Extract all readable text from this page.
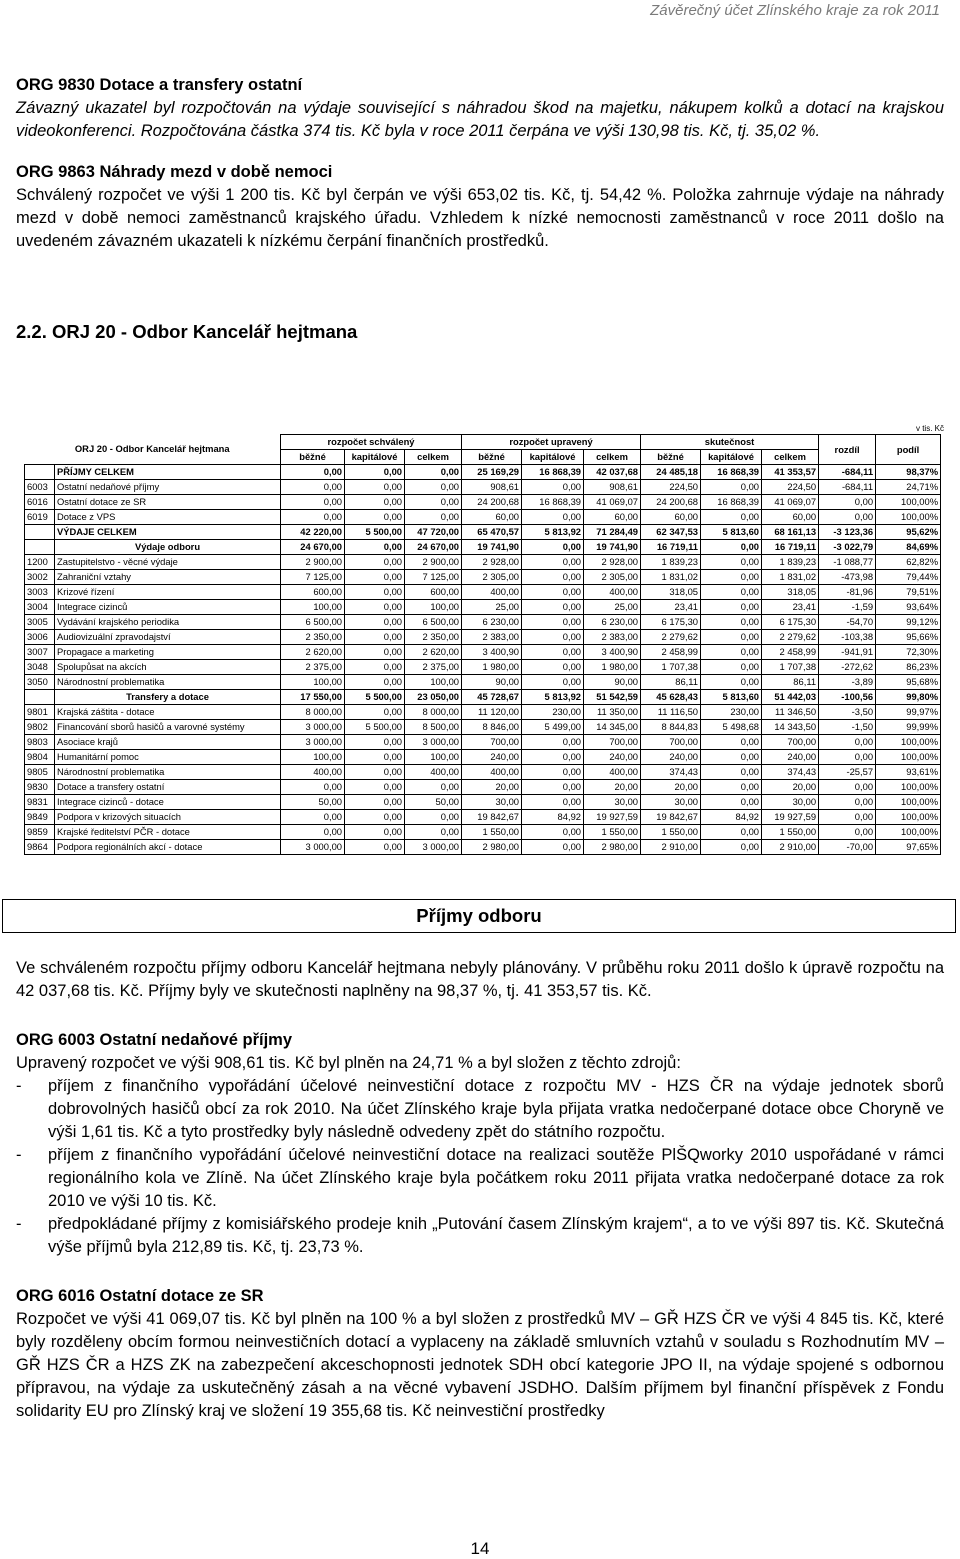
Závěrečný účet Zlínského kraje za rok 2011

ORG 9830 Dotace a transfery ostatní

Závazný ukazatel byl rozpočtován na výdaje související s náhradou škod na majetku, nákupem kolků a dotací na krajskou videokonferenci. Rozpočtována částka 374 tis. Kč byla v roce 2011 čerpána ve výši 130,98 tis. Kč, tj. 35,02 %.

ORG 9863 Náhrady mezd v době nemoci

Schválený rozpočet ve výši 1 200 tis. Kč byl čerpán ve výši 653,02 tis. Kč, tj. 54,42 %. Položka zahrnuje výdaje na náhrady mezd v době nemoci zaměstnanců krajského úřadu. Vzhledem k nízké nemocnosti zaměstnanců v roce 2011 došlo na uvedeném závazném ukazateli k nízkému čerpání finančních prostředků.

2.2. ORJ 20 - Odbor Kancelář hejtmana

v tis. Kč
ORJ 20 - Odbor Kancelář hejtmana		rozpočet schválený			rozpočet upravený			skutečnost			rozdíl	podíl
		běžné	kapitálové	celkem	běžné	kapitálové	celkem	běžné	kapitálové	celkem		
	PŘÍJMY CELKEM	0,00	0,00	0,00	25 169,29	16 868,39	42 037,68	24 485,18	16 868,39	41 353,57	-684,11	98,37%
6003	Ostatní nedaňové příjmy	0,00	0,00	0,00	908,61	0,00	908,61	224,50	0,00	224,50	-684,11	24,71%
6016	Ostatní dotace ze SR	0,00	0,00	0,00	24 200,68	16 868,39	41 069,07	24 200,68	16 868,39	41 069,07	0,00	100,00%
6019	Dotace z VPS	0,00	0,00	0,00	60,00	0,00	60,00	60,00	0,00	60,00	0,00	100,00%
	VÝDAJE CELKEM	42 220,00	5 500,00	47 720,00	65 470,57	5 813,92	71 284,49	62 347,53	5 813,60	68 161,13	-3 123,36	95,62%
	Výdaje odboru	24 670,00	0,00	24 670,00	19 741,90	0,00	19 741,90	16 719,11	0,00	16 719,11	-3 022,79	84,69%
1200	Zastupitelstvo - věcné výdaje	2 900,00	0,00	2 900,00	2 928,00	0,00	2 928,00	1 839,23	0,00	1 839,23	-1 088,77	62,82%
3002	Zahraniční vztahy	7 125,00	0,00	7 125,00	2 305,00	0,00	2 305,00	1 831,02	0,00	1 831,02	-473,98	79,44%
3003	Krizové řízení	600,00	0,00	600,00	400,00	0,00	400,00	318,05	0,00	318,05	-81,96	79,51%
3004	Integrace cizinců	100,00	0,00	100,00	25,00	0,00	25,00	23,41	0,00	23,41	-1,59	93,64%
3005	Vydávání krajského periodika	6 500,00	0,00	6 500,00	6 230,00	0,00	6 230,00	6 175,30	0,00	6 175,30	-54,70	99,12%
3006	Audiovizuální zpravodajství	2 350,00	0,00	2 350,00	2 383,00	0,00	2 383,00	2 279,62	0,00	2 279,62	-103,38	95,66%
3007	Propagace a marketing	2 620,00	0,00	2 620,00	3 400,90	0,00	3 400,90	2 458,99	0,00	2 458,99	-941,91	72,30%
3048	Spolupůsat na akcích	2 375,00	0,00	2 375,00	1 980,00	0,00	1 980,00	1 707,38	0,00	1 707,38	-272,62	86,23%
3050	Národnostní problematika	100,00	0,00	100,00	90,00	0,00	90,00	86,11	0,00	86,11	-3,89	95,68%
	Transfery a dotace	17 550,00	5 500,00	23 050,00	45 728,67	5 813,92	51 542,59	45 628,43	5 813,60	51 442,03	-100,56	99,80%
9801	Krajská záštita - dotace	8 000,00	0,00	8 000,00	11 120,00	230,00	11 350,00	11 116,50	230,00	11 346,50	-3,50	99,97%
9802	Financování sborů hasičů a varovné systémy	3 000,00	5 500,00	8 500,00	8 846,00	5 499,00	14 345,00	8 844,83	5 498,68	14 343,50	-1,50	99,99%
9803	Asociace krajů	3 000,00	0,00	3 000,00	700,00	0,00	700,00	700,00	0,00	700,00	0,00	100,00%
9804	Humanitární pomoc	100,00	0,00	100,00	240,00	0,00	240,00	240,00	0,00	240,00	0,00	100,00%
9805	Národnostní problematika	400,00	0,00	400,00	400,00	0,00	400,00	374,43	0,00	374,43	-25,57	93,61%
9830	Dotace a transfery ostatní	0,00	0,00	0,00	20,00	0,00	20,00	20,00	0,00	20,00	0,00	100,00%
9831	Integrace cizinců - dotace	50,00	0,00	50,00	30,00	0,00	30,00	30,00	0,00	30,00	0,00	100,00%
9849	Podpora v krizových situacích	0,00	0,00	0,00	19 842,67	84,92	19 927,59	19 842,67	84,92	19 927,59	0,00	100,00%
9859	Krajské ředitelství PČR - dotace	0,00	0,00	0,00	1 550,00	0,00	1 550,00	1 550,00	0,00	1 550,00	0,00	100,00%
9864	Podpora regionálních akcí - dotace	3 000,00	0,00	3 000,00	2 980,00	0,00	2 980,00	2 910,00	0,00	2 910,00	-70,00	97,65%
Příjmy odboru

Ve schváleném rozpočtu příjmy odboru Kancelář hejtmana nebyly plánovány. V průběhu roku 2011 došlo k úpravě rozpočtu na 42 037,68 tis. Kč. Příjmy byly ve skutečnosti naplněny na 98,37 %, tj. 41 353,57 tis. Kč.

ORG 6003 Ostatní nedaňové příjmy

Upravený rozpočet ve výši 908,61 tis. Kč byl plněn na 24,71 % a byl složen z těchto zdrojů:

- příjem z finančního vypořádání účelové neinvestiční dotace z rozpočtu MV - HZS ČR na výdaje jednotek sborů dobrovolných hasičů obcí za rok 2010. Na účet Zlínského kraje byla přijata vratka nedočerpané dotace obce Choryně ve výši 1,61 tis. Kč a tyto prostředky byly následně odvedeny zpět do státního rozpočtu.
- příjem z finančního vypořádání účelové neinvestiční dotace na realizaci soutěže PlŠQworky 2010 uspořádané v rámci regionálního kola ve Zlíně. Na účet Zlínského kraje byla počátkem roku 2011 přijata vratka nedočerpané dotace za rok 2010 ve výši 10 tis. Kč.
- předpokládané příjmy z komisiářského prodeje knih „Putování časem Zlínským krajem“, a to ve výši 897 tis. Kč. Skutečná výše příjmů byla 212,89 tis. Kč, tj. 23,73 %.

ORG 6016 Ostatní dotace ze SR

Rozpočet ve výši 41 069,07 tis. Kč byl plněn na 100 % a byl složen z prostředků MV – GŘ HZS ČR ve výši 4 845 tis. Kč, které byly rozděleny obcím formou neinvestičních dotací a vyplaceny na základě smluvních vztahů v souladu s Rozhodnutím MV – GŘ HZS ČR a HZS ZK na zabezpečení akceschopnosti jednotek SDH obcí kategorie JPO II, na výdaje spojené s odbornou přípravou, na výdaje za uskutečněný zásah a na věcné vybavení JSDHO. Dalším příjmem byl finanční příspěvek z Fondu solidarity EU pro Zlínský kraj ve složení 19 355,68 tis. Kč neinvestiční prostředky

14
